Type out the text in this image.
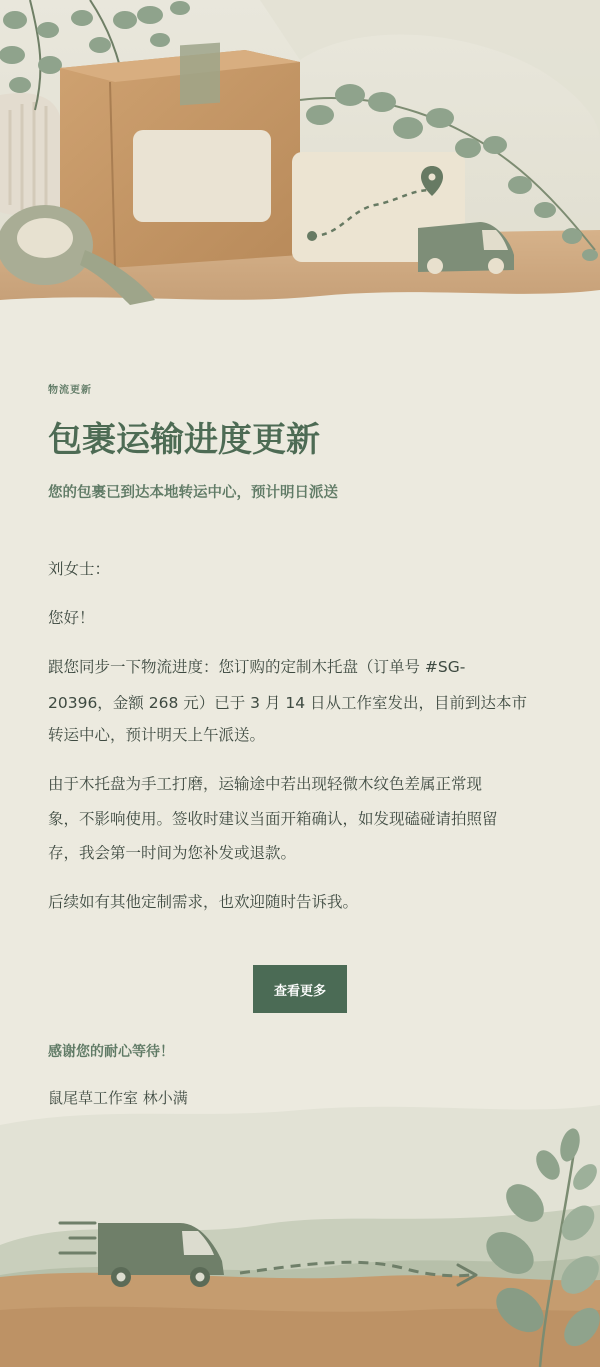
物流更新
包裹运输进度更新
您的包裹已到达本地转运中心，预计明日派送
刘女士：
您好！
跟您同步一下物流进度：您订购的定制木托盘（订单号 #SG-
20396，金额 268 元）已于 3 月 14 日从工作室发出，目前到达本市
转运中心，预计明天上午派送。
由于木托盘为手工打磨，运输途中若出现轻微木纹色差属正常现
象，不影响使用。签收时建议当面开箱确认，如发现磕碰请拍照留
存，我会第一时间为您补发或退款。
后续如有其他定制需求，也欢迎随时告诉我。
查看更多
感谢您的耐心等待！
鼠尾草工作室 林小满
